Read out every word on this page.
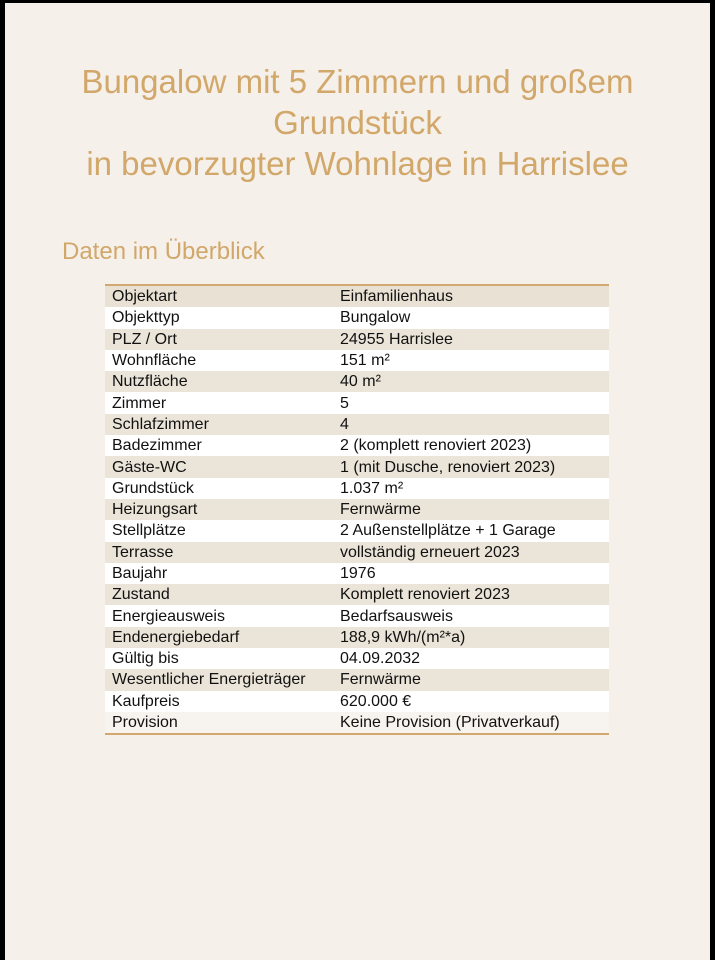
Bungalow mit 5 Zimmern und großem
Grundstück
in bevorzugter Wohnlage in Harrislee
Daten im Überblick
Objektart	Einfamilienhaus
Objekttyp	Bungalow
PLZ / Ort	24955 Harrislee
Wohnfläche	151 m²
Nutzfläche	40 m²
Zimmer	5
Schlafzimmer	4
Badezimmer	2 (komplett renoviert 2023)
Gäste-WC	1 (mit Dusche, renoviert 2023)
Grundstück	1.037 m²
Heizungsart	Fernwärme
Stellplätze	2 Außenstellplätze + 1 Garage
Terrasse	vollständig erneuert 2023
Baujahr	1976
Zustand	Komplett renoviert 2023
Energieausweis	Bedarfsausweis
Endenergiebedarf	188,9 kWh/(m²*a)
Gültig bis	04.09.2032
Wesentlicher Energieträger	Fernwärme
Kaufpreis	620.000 €
Provision	Keine Provision (Privatverkauf)
